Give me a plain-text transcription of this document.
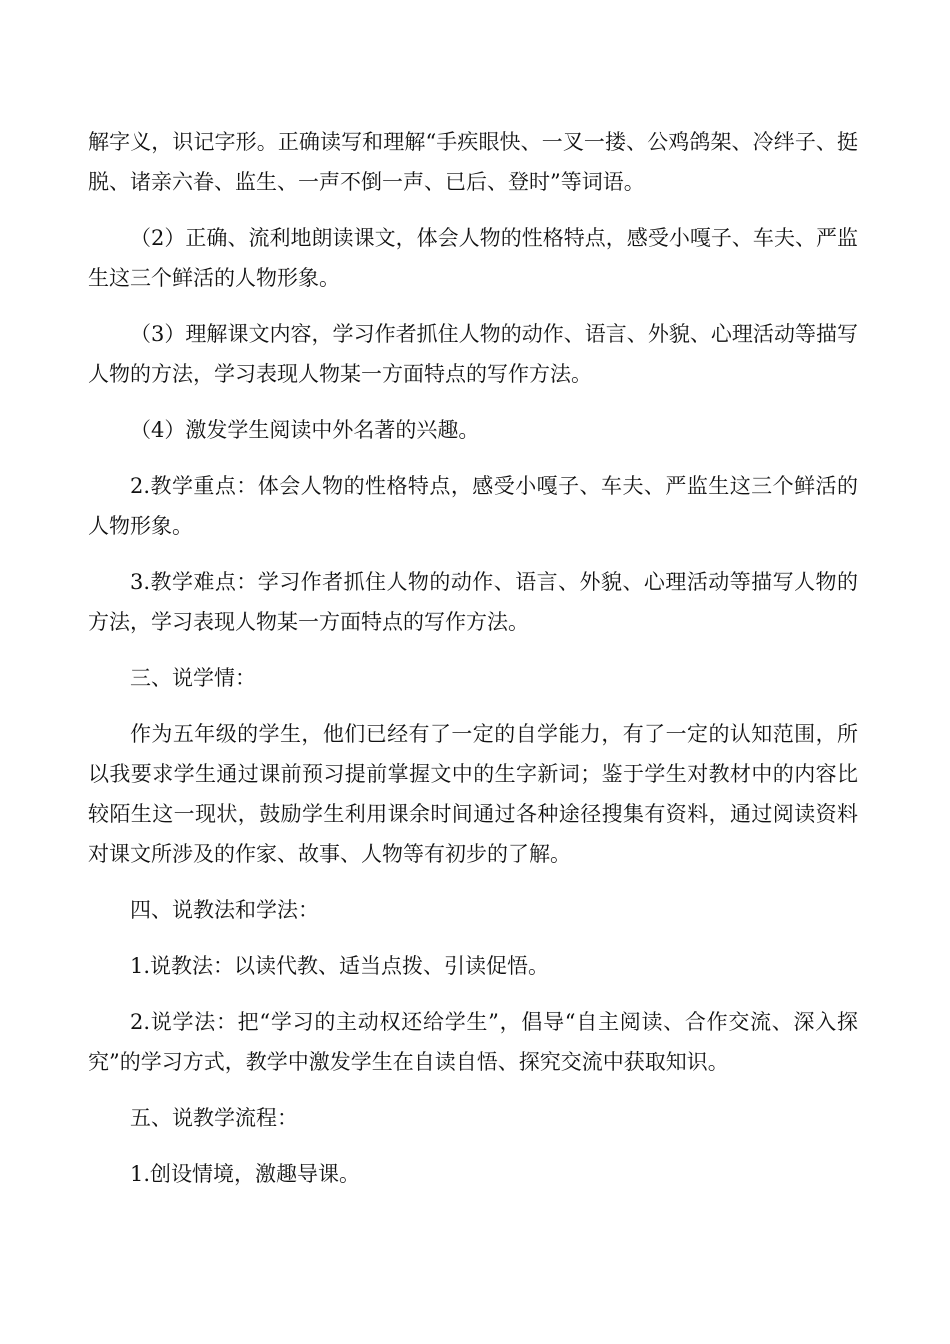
解字义，识记字形。正确读写和理解“手疾眼快、一叉一搂、公鸡鸽架、冷绊子、挺脱、诸亲六眷、监生、一声不倒一声、已后、登时”等词语。

（2）正确、流利地朗读课文，体会人物的性格特点，感受小嘎子、车夫、严监生这三个鲜活的人物形象。

（3）理解课文内容，学习作者抓住人物的动作、语言、外貌、心理活动等描写人物的方法，学习表现人物某一方面特点的写作方法。

（4）激发学生阅读中外名著的兴趣。

2.教学重点：体会人物的性格特点，感受小嘎子、车夫、严监生这三个鲜活的人物形象。

3.教学难点：学习作者抓住人物的动作、语言、外貌、心理活动等描写人物的方法，学习表现人物某一方面特点的写作方法。

三、说学情：

作为五年级的学生，他们已经有了一定的自学能力，有了一定的认知范围，所以我要求学生通过课前预习提前掌握文中的生字新词；鉴于学生对教材中的内容比较陌生这一现状，鼓励学生利用课余时间通过各种途径搜集有资料，通过阅读资料对课文所涉及的作家、故事、人物等有初步的了解。

四、说教法和学法：

1.说教法：以读代教、适当点拨、引读促悟。

2.说学法：把“学习的主动权还给学生”，倡导“自主阅读、合作交流、深入探究”的学习方式，教学中激发学生在自读自悟、探究交流中获取知识。

五、说教学流程：

1.创设情境，激趣导课。
